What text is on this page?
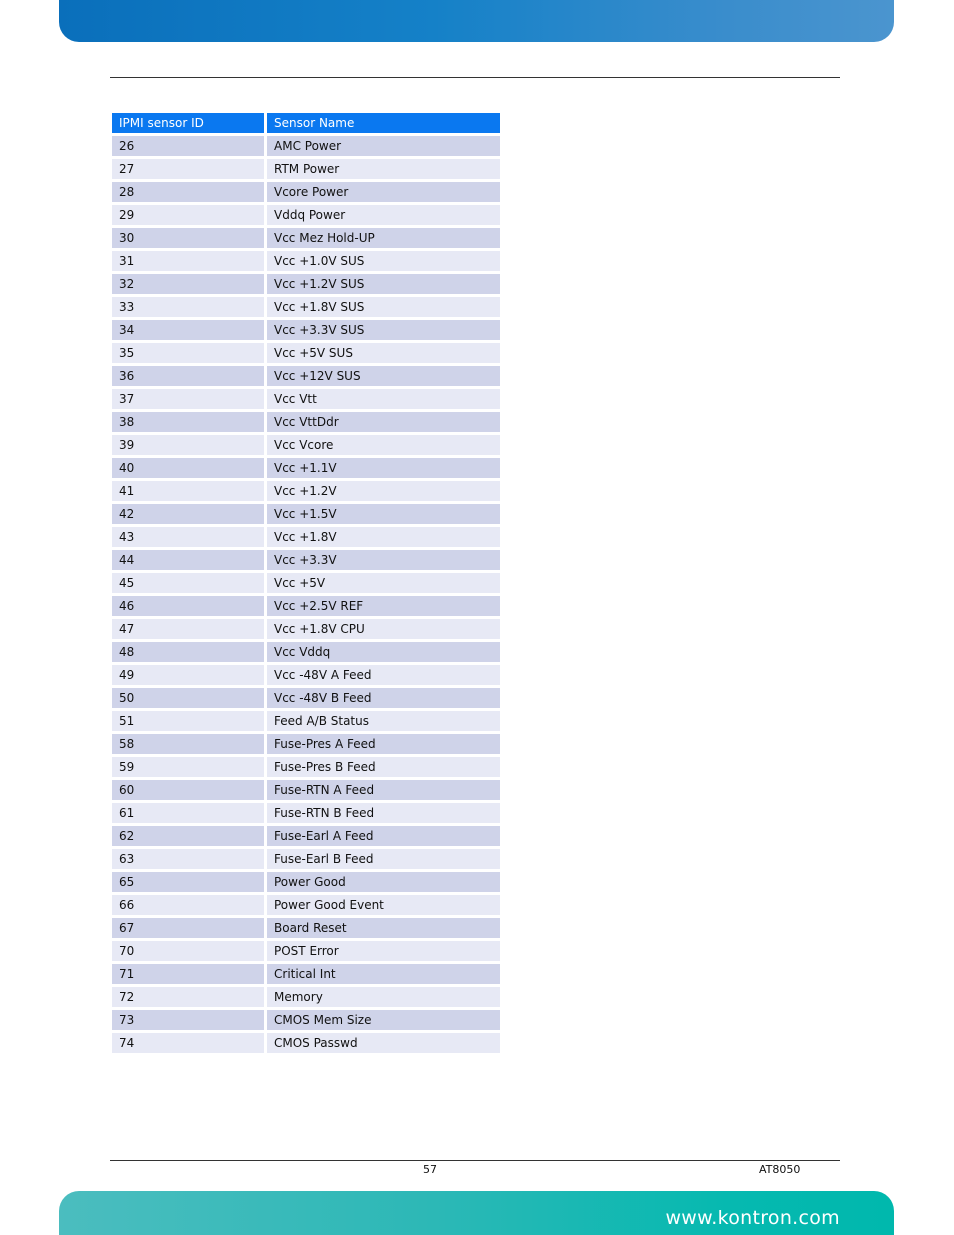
IPMI sensor ID	Sensor Name
26	AMC Power
27	RTM Power
28	Vcore Power
29	Vddq Power
30	Vcc Mez Hold-UP
31	Vcc +1.0V SUS
32	Vcc +1.2V SUS
33	Vcc +1.8V SUS
34	Vcc +3.3V SUS
35	Vcc +5V SUS
36	Vcc +12V SUS
37	Vcc Vtt
38	Vcc VttDdr
39	Vcc Vcore
40	Vcc +1.1V
41	Vcc +1.2V
42	Vcc +1.5V
43	Vcc +1.8V
44	Vcc +3.3V
45	Vcc +5V
46	Vcc +2.5V REF
47	Vcc +1.8V CPU
48	Vcc Vddq
49	Vcc -48V A Feed
50	Vcc -48V B Feed
51	Feed A/B Status
58	Fuse-Pres A Feed
59	Fuse-Pres B Feed
60	Fuse-RTN A Feed
61	Fuse-RTN B Feed
62	Fuse-Earl A Feed
63	Fuse-Earl B Feed
65	Power Good
66	Power Good Event
67	Board Reset
70	POST Error
71	Critical Int
72	Memory
73	CMOS Mem Size
74	CMOS Passwd
57	AT8050
www.kontron.com
